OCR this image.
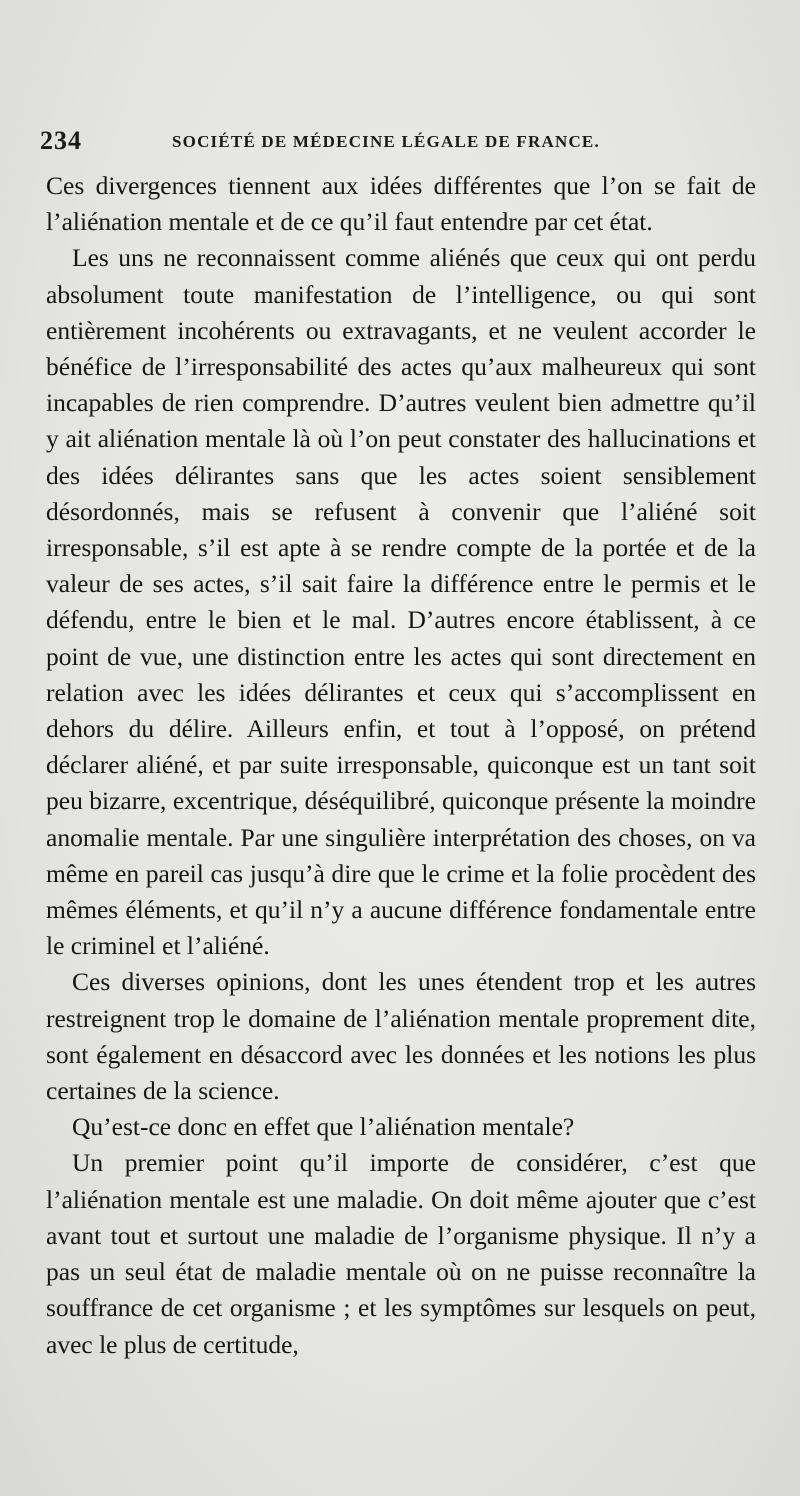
234	SOCIÉTÉ DE MÉDECINE LÉGALE DE FRANCE.

Ces divergences tiennent aux idées différentes que l’on se fait de l’aliénation mentale et de ce qu’il faut entendre par cet état.

Les uns ne reconnaissent comme aliénés que ceux qui ont perdu absolument toute manifestation de l’intelligence, ou qui sont entièrement incohérents ou extravagants, et ne veulent accorder le bénéfice de l’irresponsabilité des actes qu’aux malheureux qui sont incapables de rien comprendre. D’autres veulent bien admettre qu’il y ait aliénation mentale là où l’on peut constater des hallucinations et des idées délirantes sans que les actes soient sensiblement désordonnés, mais se refusent à convenir que l’aliéné soit irresponsable, s’il est apte à se rendre compte de la portée et de la valeur de ses actes, s’il sait faire la différence entre le permis et le défendu, entre le bien et le mal. D’autres encore établissent, à ce point de vue, une distinction entre les actes qui sont directement en relation avec les idées délirantes et ceux qui s’accomplissent en dehors du délire. Ailleurs enfin, et tout à l’opposé, on prétend déclarer aliéné, et par suite irresponsable, quiconque est un tant soit peu bizarre, excentrique, déséquilibré, quiconque présente la moindre anomalie mentale. Par une singulière interprétation des choses, on va même en pareil cas jusqu’à dire que le crime et la folie procèdent des mêmes éléments, et qu’il n’y a aucune différence fondamentale entre le criminel et l’aliéné.

Ces diverses opinions, dont les unes étendent trop et les autres restreignent trop le domaine de l’aliénation mentale proprement dite, sont également en désaccord avec les données et les notions les plus certaines de la science.

Qu’est-ce donc en effet que l’aliénation mentale?

Un premier point qu’il importe de considérer, c’est que l’aliénation mentale est une maladie. On doit même ajouter que c’est avant tout et surtout une maladie de l’organisme physique. Il n’y a pas un seul état de maladie mentale où on ne puisse reconnaître la souffrance de cet organisme ; et les symptômes sur lesquels on peut, avec le plus de certitude,
